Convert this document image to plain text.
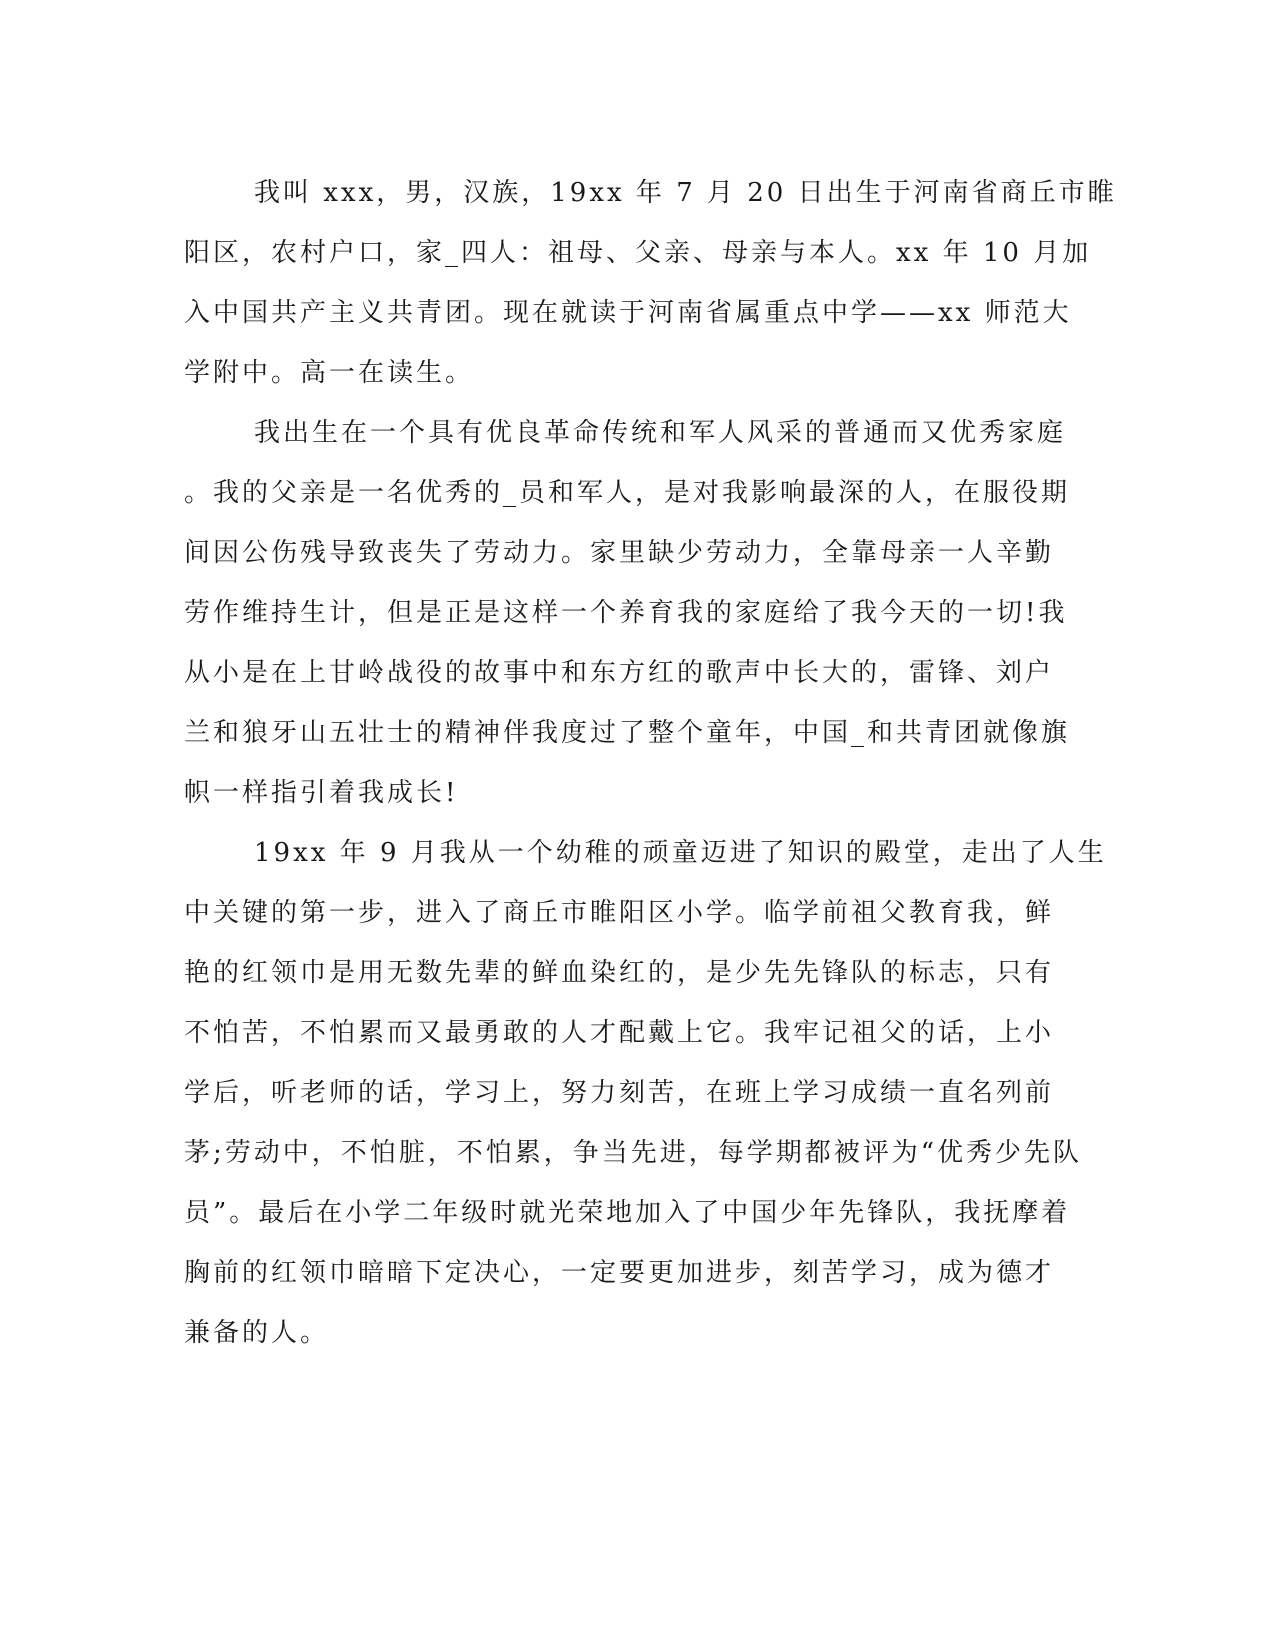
我叫 xxx，男，汉族，19xx 年 7 月 20 日出生于河南省商丘市睢
阳区，农村户口，家_四人：祖母、父亲、母亲与本人。xx 年 10 月加
入中国共产主义共青团。现在就读于河南省属重点中学——xx 师范大
学附中。高一在读生。

我出生在一个具有优良革命传统和军人风采的普通而又优秀家庭
。我的父亲是一名优秀的_员和军人，是对我影响最深的人，在服役期
间因公伤残导致丧失了劳动力。家里缺少劳动力，全靠母亲一人辛勤
劳作维持生计，但是正是这样一个养育我的家庭给了我今天的一切!我
从小是在上甘岭战役的故事中和东方红的歌声中长大的，雷锋、刘户
兰和狼牙山五壮士的精神伴我度过了整个童年，中国_和共青团就像旗
帜一样指引着我成长!

19xx 年 9 月我从一个幼稚的顽童迈进了知识的殿堂，走出了人生
中关键的第一步，进入了商丘市睢阳区小学。临学前祖父教育我，鲜
艳的红领巾是用无数先辈的鲜血染红的，是少先先锋队的标志，只有
不怕苦，不怕累而又最勇敢的人才配戴上它。我牢记祖父的话，上小
学后，听老师的话，学习上，努力刻苦，在班上学习成绩一直名列前
茅;劳动中，不怕脏，不怕累，争当先进，每学期都被评为“优秀少先队
员”。最后在小学二年级时就光荣地加入了中国少年先锋队，我抚摩着
胸前的红领巾暗暗下定决心，一定要更加进步，刻苦学习，成为德才
兼备的人。
